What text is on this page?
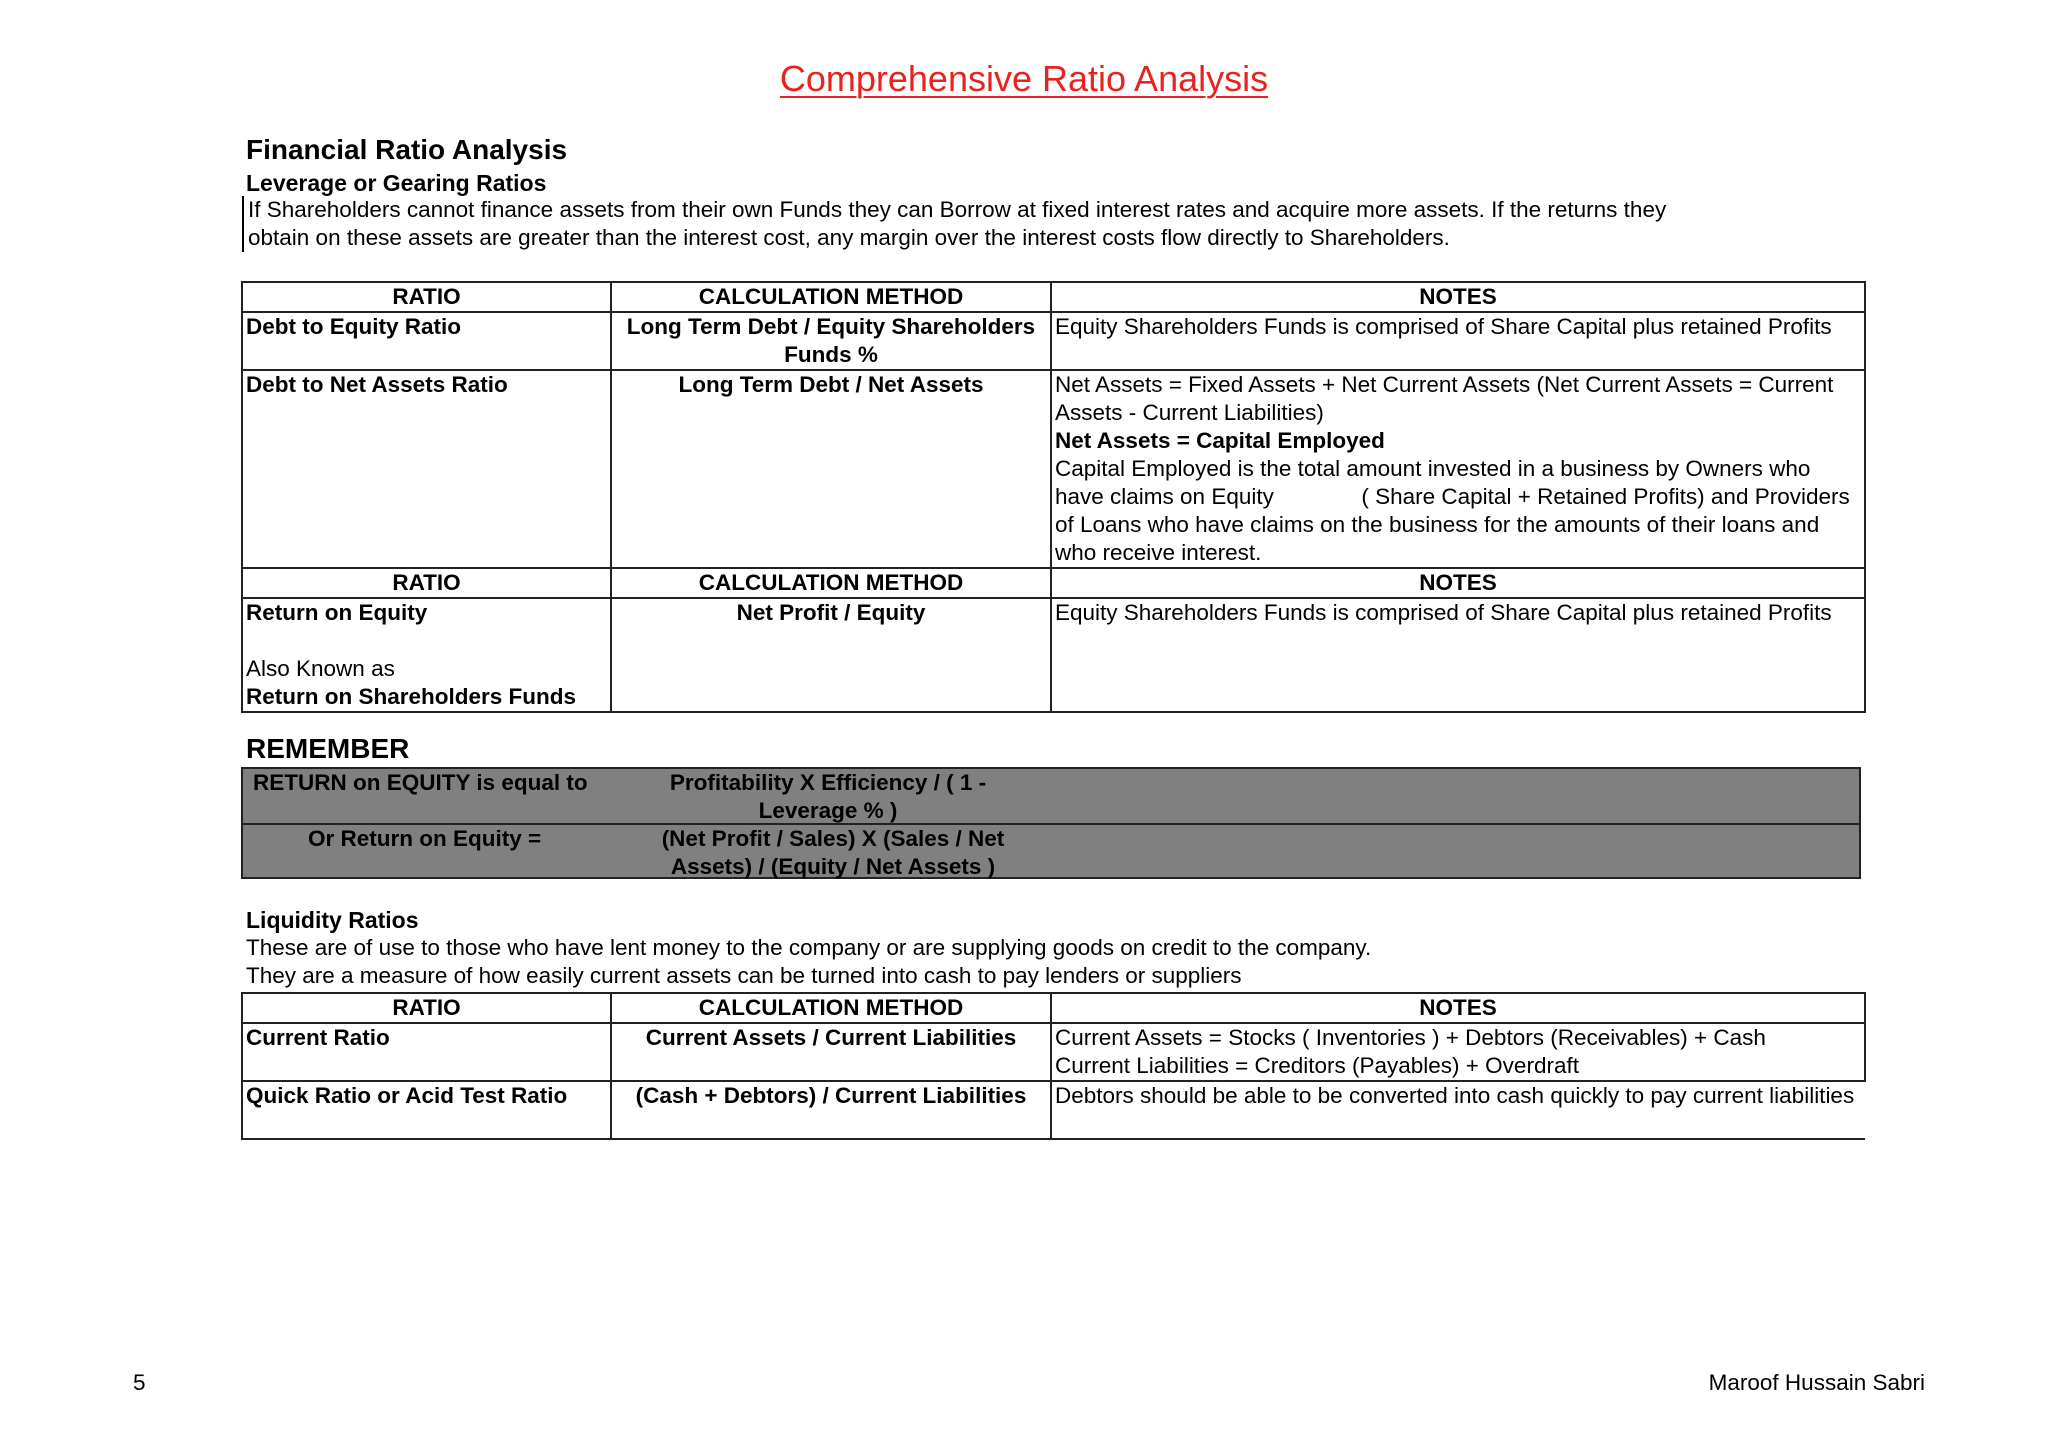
Comprehensive Ratio Analysis
Financial Ratio Analysis
Leverage or Gearing Ratios
If Shareholders cannot finance assets from their own Funds they can Borrow at fixed interest rates and acquire more assets. If the returns they
obtain on these assets are greater than the interest cost, any margin over the interest costs flow directly to Shareholders.
RATIO	CALCULATION METHOD	NOTES
Debt to Equity Ratio	Long Term Debt / Equity Shareholders Funds %	Equity Shareholders Funds is comprised of Share Capital plus retained Profits
Debt to Net Assets Ratio	Long Term Debt / Net Assets	Net Assets = Fixed Assets + Net Current Assets (Net Current Assets = Current Assets - Current Liabilities)
Net Assets = Capital Employed
Capital Employed is the total amount invested in a business by Owners who have claims on Equity              ( Share Capital + Retained Profits) and Providers of Loans who have claims on the business for the amounts of their loans and who receive interest.

RATIO	CALCULATION METHOD	NOTES

Return on Equity
Also Known as
Return on Shareholders Funds	Net Profit / Equity	Equity Shareholders Funds is comprised of Share Capital plus retained Profits
REMEMBER
RETURN on EQUITY is equal to	Profitability X Efficiency / ( 1 -
Leverage % )
Or Return on Equity =	(Net Profit / Sales) X (Sales / Net
Assets) / (Equity / Net Assets )
Liquidity Ratios
These are of use to those who have lent money to the company or are supplying goods on credit to the company.
They are a measure of how easily current assets can be turned into cash to pay lenders or suppliers
RATIO	CALCULATION METHOD	NOTES
Current Ratio	Current Assets / Current Liabilities	Current Assets = Stocks ( Inventories ) + Debtors (Receivables) + Cash
Current Liabilities = Creditors (Payables) + Overdraft

Quick Ratio or Acid Test Ratio	(Cash + Debtors) / Current Liabilities	Debtors should be able to be converted into cash quickly to pay current liabilities
5	Maroof Hussain Sabri
